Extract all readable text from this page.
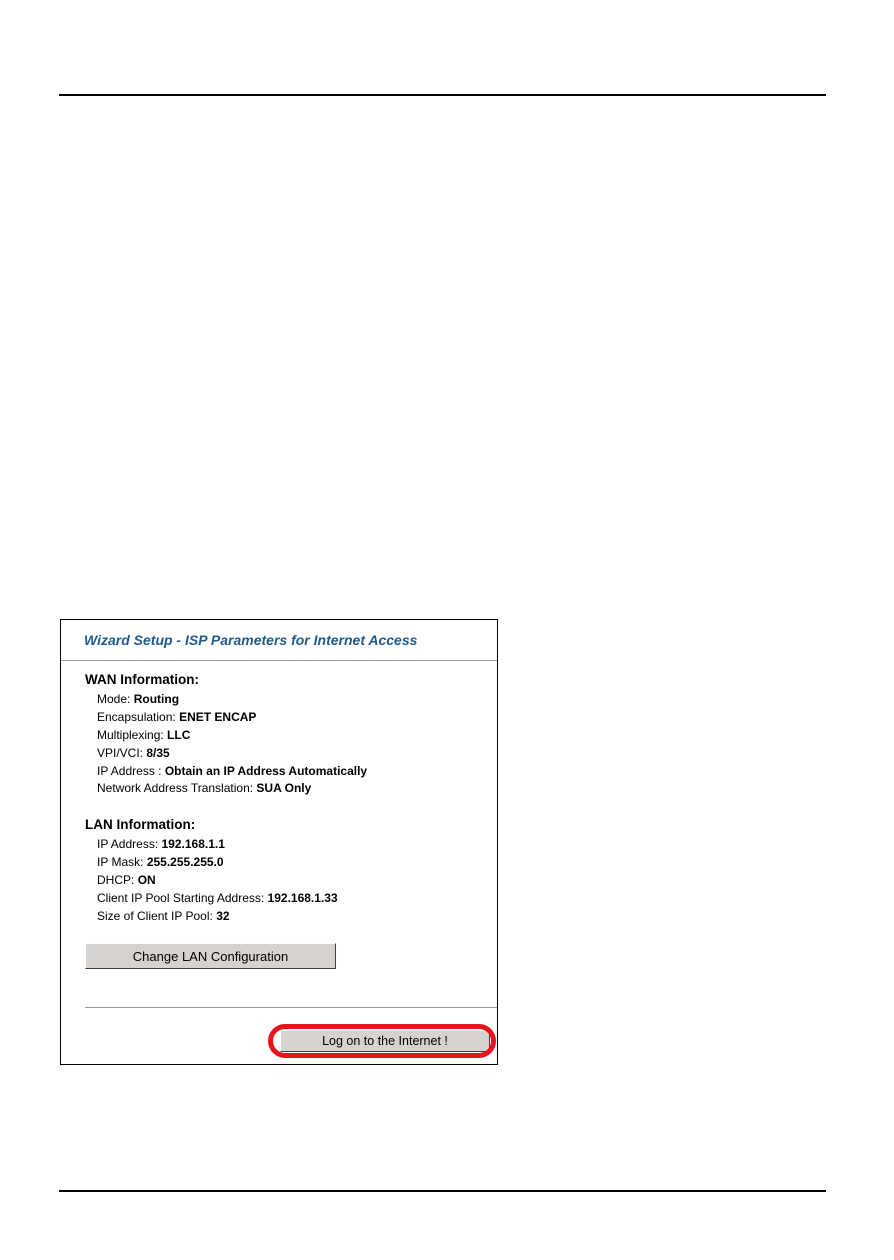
Wizard Setup - ISP Parameters for Internet Access
WAN Information:
Mode: Routing
Encapsulation: ENET ENCAP
Multiplexing: LLC
VPI/VCI: 8/35
IP Address : Obtain an IP Address Automatically
Network Address Translation: SUA Only
LAN Information:
IP Address: 192.168.1.1
IP Mask: 255.255.255.0
DHCP: ON
Client IP Pool Starting Address: 192.168.1.33
Size of Client IP Pool: 32
Change LAN Configuration
Log on to the Internet !
